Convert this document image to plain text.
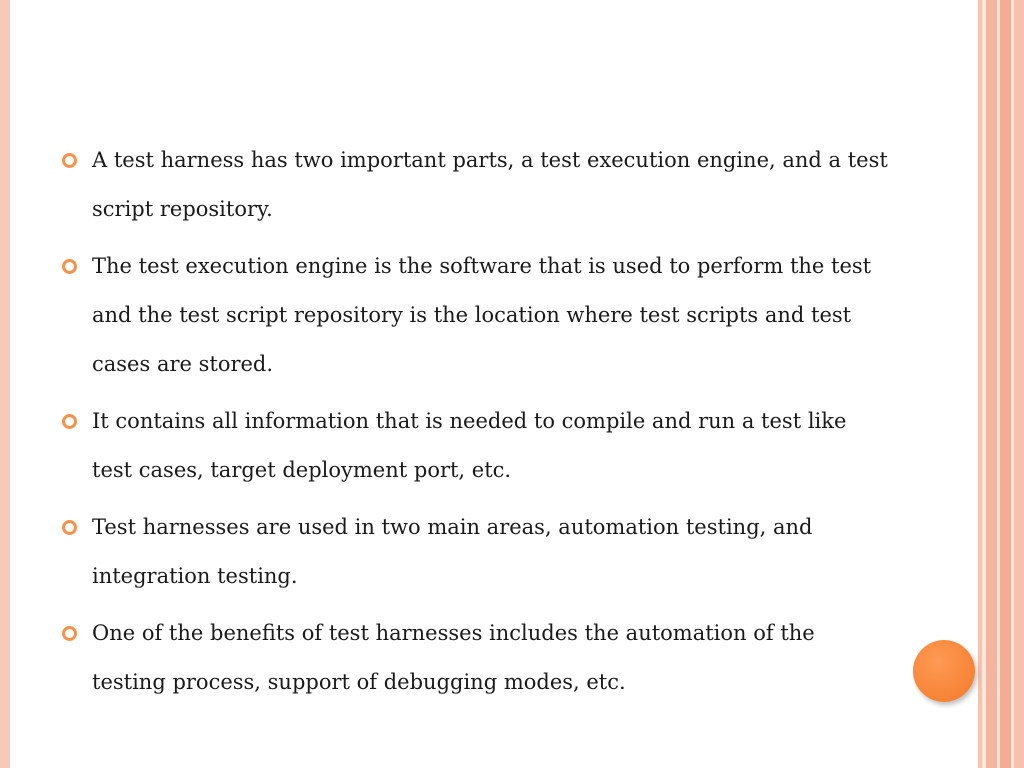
A test harness has two important parts, a test execution engine, and a test script repository.
The test execution engine is the software that is used to perform the test and the test script repository is the location where test scripts and test cases are stored.
It contains all information that is needed to compile and run a test like test cases, target deployment port, etc.
Test harnesses are used in two main areas, automation testing, and integration testing.
One of the benefits of test harnesses includes the automation of the testing process, support of debugging modes, etc.
